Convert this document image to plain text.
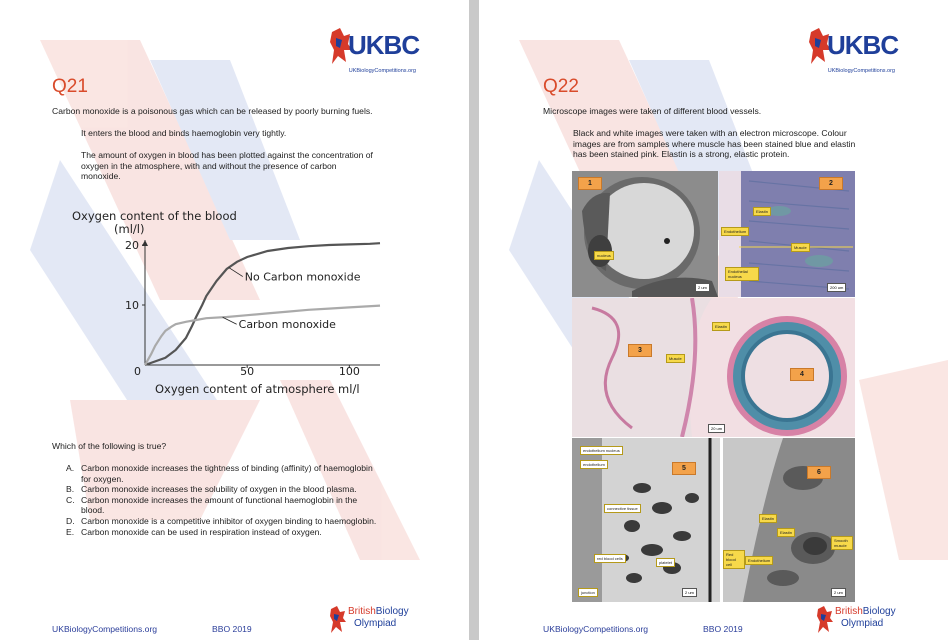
UKBC
UKBiologyCompetitions.org
Q21
Carbon monoxide is a poisonous gas which can be released by poorly burning fuels.
It enters the blood and binds haemoglobin very tightly.
The amount of oxygen in blood has been plotted against the concentration of
oxygen in the atmosphere, with and without the presence of carbon
monoxide.
Oxygen content of the blood
(ml/l)
Oxygen content of atmosphere ml/l
0
10
20
50	100
No Carbon monoxide
Carbon monoxide
Which of the following is true?
A. Carbon monoxide increases the tightness of binding (affinity) of haemoglobin
for oxygen.
B. Carbon monoxide increases the solubility of oxygen in the blood plasma.
C. Carbon monoxide increases the amount of functional haemoglobin in the
blood.
D. Carbon monoxide is a competitive inhibitor of oxygen binding to haemoglobin.
E. Carbon monoxide can be used in respiration instead of oxygen.
UKBiologyCompetitions.org	BBO 2019
BritishBiology
Olympiad
UKBC
UKBiologyCompetitions.org
Q22
Microscope images were taken of different blood vessels.
Black and white images were taken with an electron microscope. Colour
images are from samples where muscle has been stained blue and elastin
has been stained pink. Elastin is a strong, elastic protein.
1
nucleus
2 um
2
Elastin
Endothelium
Muscle
Endothelial nucleus
200 um
3
4
Elastin
Muscle
20 um
5
endothelium nucleus
endothelium
connective tissue
red blood cells
platelet
junction	2 um
Red blood cell
6
Elastin
Elastin
Smooth muscle
Endothelium
2 um
UKBiologyCompetitions.org	BBO 2019
BritishBiology
Olympiad
